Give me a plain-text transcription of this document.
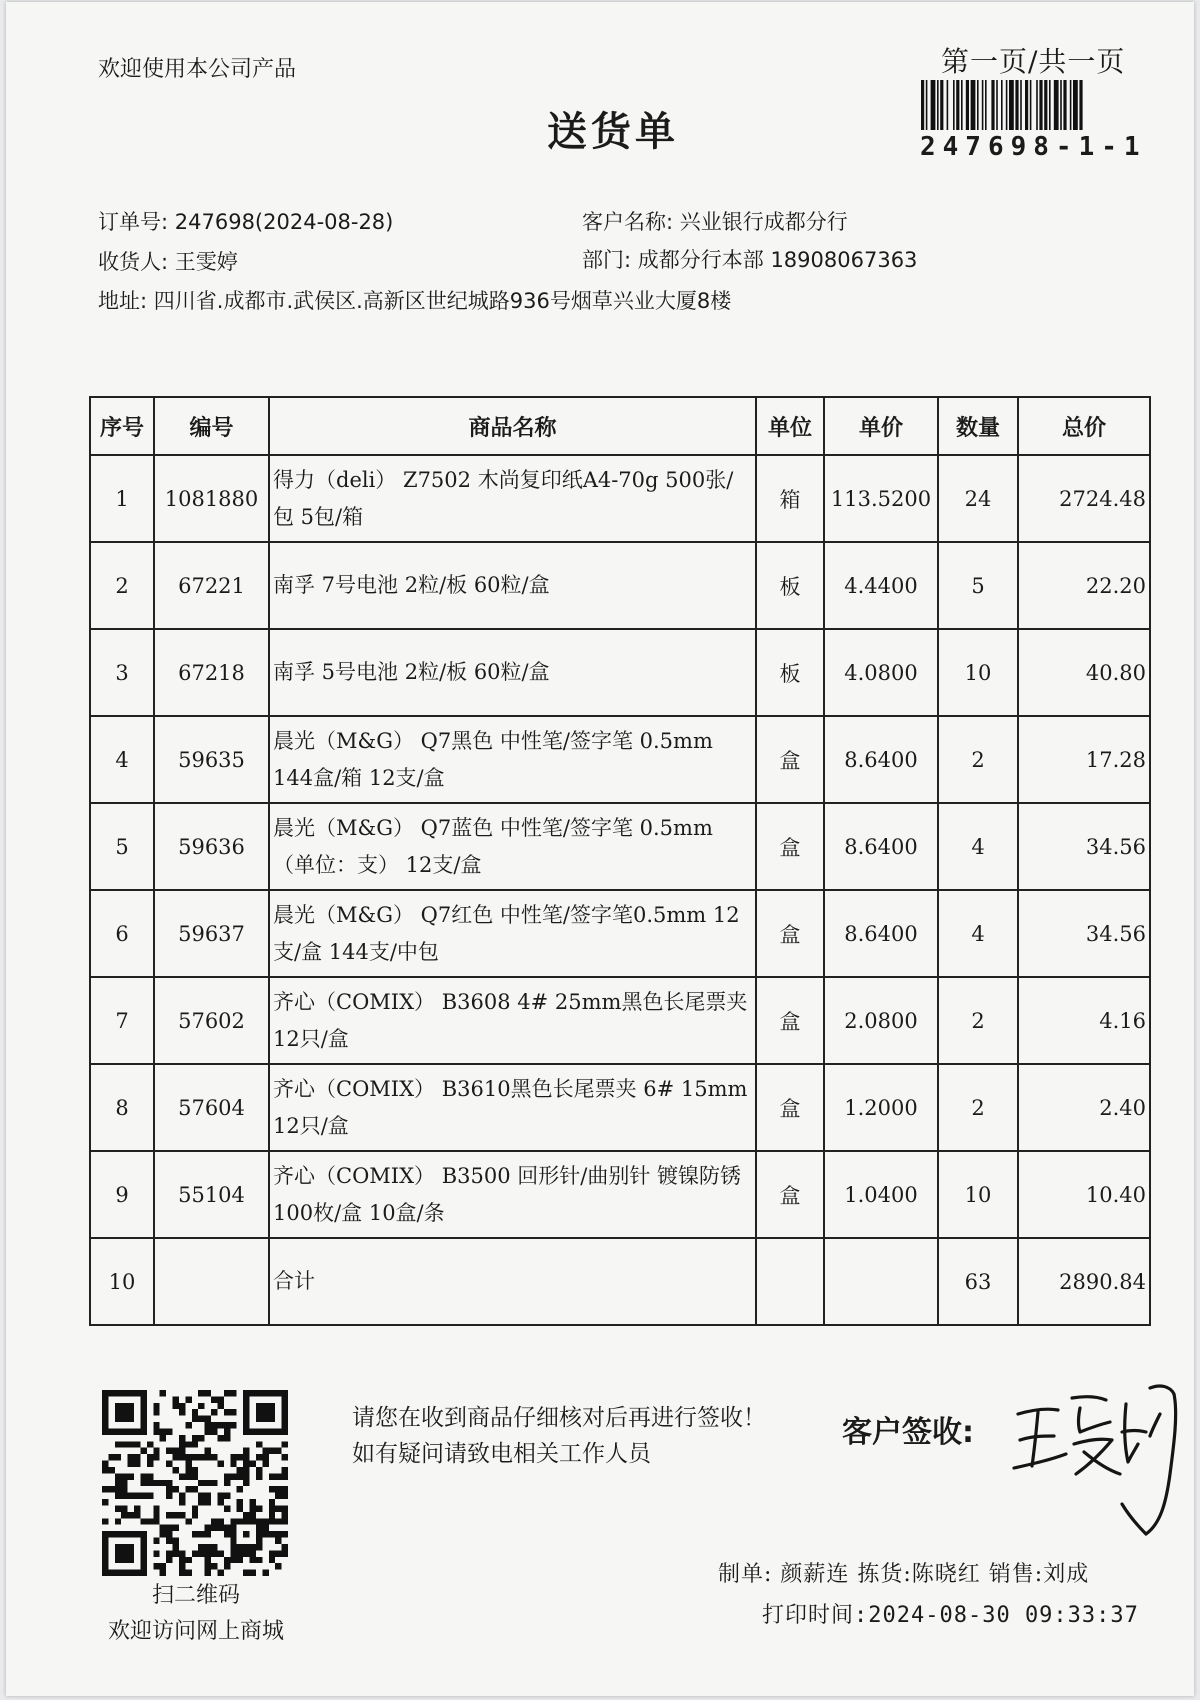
欢迎使用本公司产品	第一页/共一页
247698-1-1
送货单
订单号: 247698(2024-08-28)	客户名称: 兴业银行成都分行
收货人: 王雯婷	部门: 成都分行本部 18908067363
地址: 四川省.成都市.武侯区.高新区世纪城路936号烟草兴业大厦8楼
序号	编号	商品名称	单位	单价	数量	总价
1	1081880	得力（deli） Z7502 木尚复印纸A4-70g 500张/包 5包/箱	箱	113.5200	24	2724.48
2	67221	南孚 7号电池 2粒/板 60粒/盒	板	4.4400	5	22.20
3	67218	南孚 5号电池 2粒/板 60粒/盒	板	4.0800	10	40.80
4	59635	晨光（M&G） Q7黑色 中性笔/签字笔 0.5mm 144盒/箱 12支/盒	盒	8.6400	2	17.28
5	59636	晨光（M&G） Q7蓝色 中性笔/签字笔 0.5mm （单位：支） 12支/盒	盒	8.6400	4	34.56
6	59637	晨光（M&G） Q7红色 中性笔/签字笔0.5mm 12支/盒 144支/中包	盒	8.6400	4	34.56
7	57602	齐心（COMIX） B3608 4# 25mm黑色长尾票夹 12只/盒	盒	2.0800	2	4.16
8	57604	齐心（COMIX） B3610黑色长尾票夹 6# 15mm 12只/盒	盒	1.2000	2	2.40
9	55104	齐心（COMIX） B3500 回形针/曲别针 镀镍防锈 100枚/盒 10盒/条	盒	1.0400	10	10.40
10		合计			63	2890.84
扫二维码
欢迎访问网上商城
请您在收到商品仔细核对后再进行签收！如有疑问请致电相关工作人员
客户签收:
制单: 颜薪连 拣货:陈晓红 销售:刘成
打印时间:2024-08-30 09:33:37
